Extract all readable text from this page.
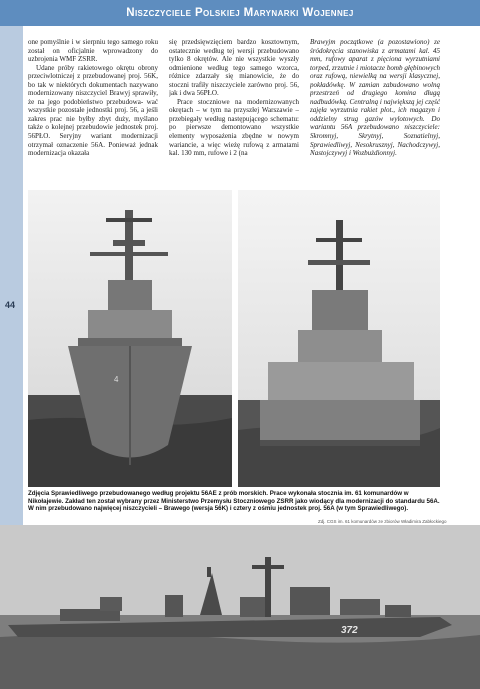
Niszczyciele Polskiej Marynarki Wojennej
44

one pomyślnie i w sierpniu tego samego roku został on oficjalnie wprowadzony do uzbrojenia WMF ZSRR.

Udane próby rakietowego okrętu obrony przeciwlotniczej z przebudowanej proj. 56K, bo tak w niektórych dokumentach nazywano modernizowany niszczyciel Brawyj sprawiły, że na jego podobieństwo przebudowa- wać wszystkie pozostałe jednostki proj. 56, a jeśli zakres prac nie byłby zbyt duży, myślano także o kolejnej przebudowie jednostek proj. 56PŁO. Seryjny wariant modernizacji otrzymał oznaczenie 56A. Ponieważ jednak modernizacja okazała

się przedsięwzięciem bardzo kosztownym, ostatecznie według tej wersji przebudowano tylko 8 okrętów. Ale nie wszystkie wyszły odmienione według tego samego wzorca, różnice zdarzały się mianowicie, że do stoczni trafiły niszczyciele zarówno proj. 56, jak i dwa 56PŁO.

Prace stoczniowe na modernizowanych okrętach – w tym na przyszłej Warszawie – przebiegały według następującego schematu: po pierwsze demontowano wszystkie elementy wyposażenia zbędne w nowym wariancie, a więc wieżę rufową z armatami kal. 130 mm, rufowe i 2 (na

Brawyjm początkowe (a pozostawiono) ze śródokręcia stanowiska z armatami kal. 45 mm, rufowy aparat z pięciona wyrzutniami torped, zrzutnie i miotacze bomb głębinowych oraz rufową, niewielką na wersji klasycznej, pokładówkę. W zamian zabudowano wolną przestrzeń od drugiego komina długą nadbudówką. Centralną i największą jej część zajęła wyrzutnia rakiet plot., ich magazyn i oddzielny strug gazów wylotowych. Do wariantu 56A przebudowano niszczyciele: Skromnyj, Skrytnyj, Soznatielnyj, Sprawiedliwyj, Nesokrusznyj, Nachodczywyj, Nastojczywyj i Wozbużdionnyj.

4
Zdjęcia Sprawiedliwego przebudowanego według projektu 56AE z prób morskich. Prace wykonała stocznia im. 61 komunardów w Nikołajewie. Zakład ten został wybrany przez Ministerstwo Przemysłu Stoczniowego ZSRR jako wiodący dla modernizacji do standardu 56A. W nim przebudowano najwięcej niszczycieli – Brawego (wersja 56K) i cztery z ośmiu jednostek proj. 56A (w tym Sprawiedliwego).
Zdj. CGS im. 61 komunardów ze zbiorów Władimira Zabłockiego
372
